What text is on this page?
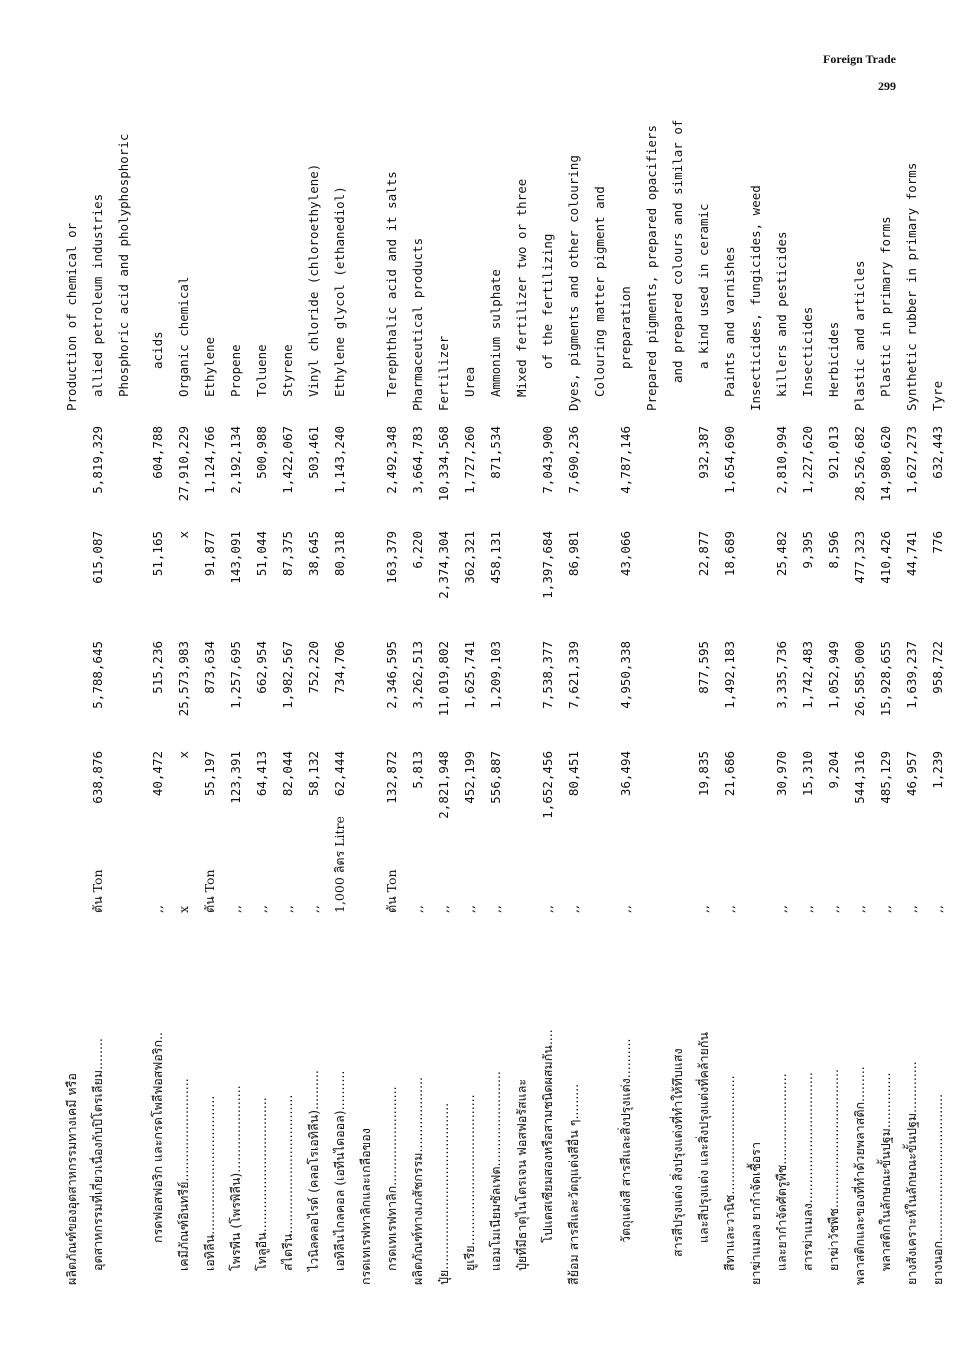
Foreign Trade
299
ผลิตภัณฑ์ของอุตสาหกรรมทางเคมี หรือ
Production of chemical or
อุตสาหกรรมที่เกี่ยวเนื่องกับปิโตรเลียม........
ตัน Ton
638,876
5,788,645
615,087
5,819,329
allied petroleum industries Phosphoric acid and pholyphosphoric
กรดฟอสฟอริก และกรดโพลีฟอสฟอริก..
,,
40,472
515,236
51,165
604,788
acids
เคมีภัณฑ์อินทรีย์..........................
x
x
25,573,983
x
27,910,229
Organic chemical
เอทิลีน...................................
ตัน Ton
55,197
873,634
91,877
1,124,766
Ethylene
โพรพีน (โพรพิลีน)......................
,,
123,391
1,257,695
143,091
2,192,134
Propene
โทลูอีน..................................
,,
64,413
662,954
51,044
500,988
Toluene
สไตรีน...................................
,,
82,044
1,982,567
87,375
1,422,067
Styrene
ไวนิลคลอไรด์ (คลอโรเอทิลีน)..........
,,
58,132
752,220
38,645
503,461
Vinyl chloride (chloroethylene)
เอทิลีนไกลคอล (เอทีนไดออล)..........
1,000 ลิตร Litre
62,444
734,706
80,318
1,143,240
Ethylene glycol (ethanediol)
กรดเทเรฟทาลิกและเกลือของ กรดเทเรฟทาลิก.........................
ตัน Ton
132,872
2,346,595
163,379
2,492,348
Terephthalic acid and it salts
ผลิตภัณฑ์ทางเภสัชกรรม...................
,,
5,813
3,262,513
6,220
3,664,783
Pharmaceutical products
ปุ๋ย..........................................
,,
2,821,948
11,019,802
2,374,304
10,334,568
Fertilizer
ยูเรีย......................................
,,
452,199
1,625,741
362,321
1,727,260
Urea
แอมโมเนียมซัลเฟต........................
,,
556,887
1,209,103
458,131
871,534
Ammonium sulphate
ปุ๋ยที่มีธาตุไนโตรเจน ฟอสฟอรัสและ
Mixed fertilizer two or three
โปแตสเซียมสองหรือสามชนิดผสมกัน....
,,
1,652,456
7,538,377
1,397,684
7,043,900
of the fertilizing
สีย้อม สารสีและวัตถุแต่งสีอื่น ๆ.........
,,
80,451
7,621,339
86,981
7,690,236
Dyes, pigments and other colouring Colouring matter pigment and
วัตถุแต่งสี สารสีและสิ่งปรุงแต่ง..........
,,
36,494
4,950,338
43,066
4,787,146
preparation Prepared pigments, prepared opacifiers
สารสีปรุงแต่ง สิ่งปรุงแต่งที่ทำให้ทึบแสง
and prepared colours and similar of
และสีปรุงแต่ง และสิ่งปรุงแต่งที่คล้ายกัน
,,
19,835
877,595
22,877
932,387
a kind used in ceramic
สีทาและวานิช..............................
,,
21,686
1,492,183
18,689
1,654,690
Paints and varnishes
ยาฆ่าแมลง ยากำจัดเชื้อรา
Insecticides, fungicides, weed
และยากำจัดศัตรูพืช.......................
,,
30,970
3,335,736
25,482
2,810,994
killers and pesticides
สารฆ่าแมลง.................................
,,
15,310
1,742,483
9,395
1,227,620
Insecticides
ยาฆ่าวัชพืช...................................
,,
9,204
1,052,949
8,596
921,013
Herbicides
พลาสติกและของที่ทำด้วยพลาสติก.........
,,
544,316
26,585,000
477,323
28,526,682
Plastic and articles
พลาสติกในลักษณะขั้นปฐม..............
,,
485,129
15,928,655
410,426
14,980,620
Plastic in primary forms
ยางสังเคราะห์ในลักษณะขั้นปฐม.............
,,
46,957
1,639,237
44,741
1,627,273
Synthetic rubber in primary forms
ยางนอก.....................................
,,
1,239
958,722
776
632,443
Tyre
